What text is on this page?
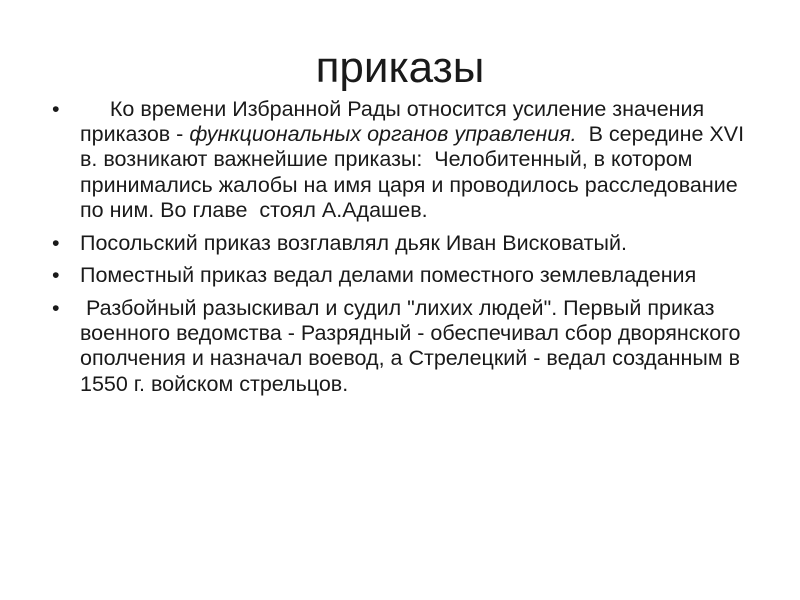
приказы
• Ко времени Избранной Рады относится усиление значения приказов - функциональных органов управления.  В середине XVI в. возникают важнейшие приказы:  Челобитенный, в котором принимались жалобы на имя царя и проводилось расследование по ним. Во главе  стоял А.Адашев.
• Посольский приказ возглавлял дьяк Иван Висковатый.
• Поместный приказ ведал делами поместного землевладения
• Разбойный разыскивал и судил "лихих людей". Первый приказ военного ведомства - Разрядный - обеспечивал сбор дворянского ополчения и назначал воевод, а Стрелецкий - ведал созданным в 1550 г. войском стрельцов.
